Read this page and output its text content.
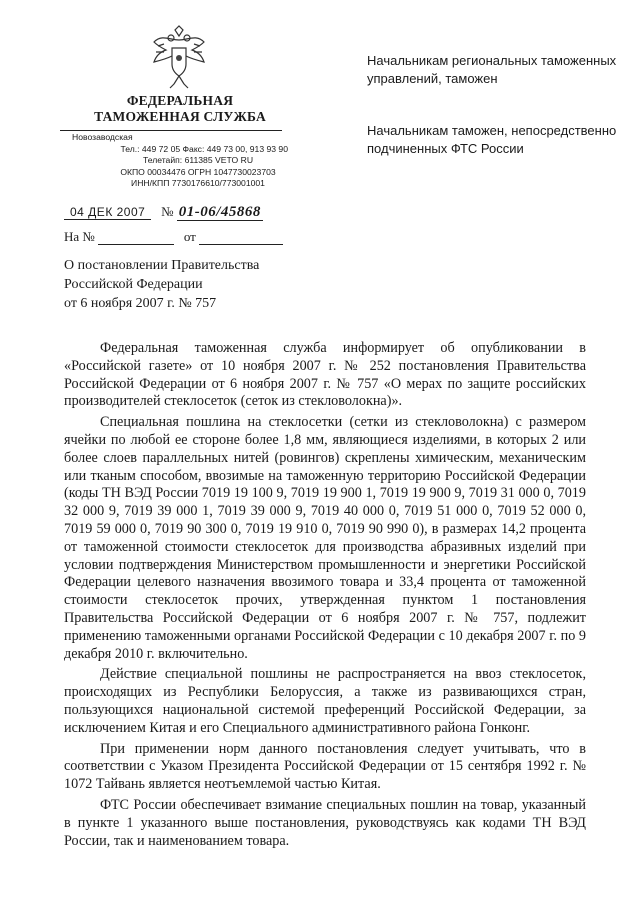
ФЕДЕРАЛЬНАЯ
ТАМОЖЕННАЯ СЛУЖБА
Новозаводская
Тел.: 449 72 05 Факс: 449 73 00, 913 93 90
Телетайп: 611385 VETO RU
ОКПО 00034476 ОГРН 1047730023703
ИНН/КПП 7730176610/773001001
04 ДЕК 2007 № 01-06/45868
На №	от
Начальникам региональных таможенных управлений, таможен
Начальникам таможен, непосредственно подчиненных ФТС России
О постановлении Правительства
Российской Федерации
от 6 ноября 2007 г. № 757

Федеральная таможенная служба информирует об опубликовании в «Российской газете» от 10 ноября 2007 г. № 252 постановления Правительства Российской Федерации от 6 ноября 2007 г. № 757 «О мерах по защите российских производителей стеклосеток (сеток из стекловолокна)».

Специальная пошлина на стеклосетки (сетки из стекловолокна) с размером ячейки по любой ее стороне более 1,8 мм, являющиеся изделиями, в которых 2 или более слоев параллельных нитей (ровингов) скреплены химическим, механическим или тканым способом, ввозимые на таможенную территорию Российской Федерации (коды ТН ВЭД России 7019 19 100 9, 7019 19 900 1, 7019 19 900 9, 7019 31 000 0, 7019 32 000 9, 7019 39 000 1, 7019 39 000 9, 7019 40 000 0, 7019 51 000 0, 7019 52 000 0, 7019 59 000 0, 7019 90 300 0, 7019 19 910 0, 7019 90 990 0), в размерах 14,2 процента от таможенной стоимости стеклосеток для производства абразивных изделий при условии подтверждения Министерством промышленности и энергетики Российской Федерации целевого назначения ввозимого товара и 33,4 процента от таможенной стоимости стеклосеток прочих, утвержденная пунктом 1 постановления Правительства Российской Федерации от 6 ноября 2007 г. № 757, подлежит применению таможенными органами Российской Федерации с 10 декабря 2007 г. по 9 декабря 2010 г. включительно.

Действие специальной пошлины не распространяется на ввоз стеклосеток, происходящих из Республики Белоруссия, а также из развивающихся стран, пользующихся национальной системой преференций Российской Федерации, за исключением Китая и его Специального административного района Гонконг.

При применении норм данного постановления следует учитывать, что в соответствии с Указом Президента Российской Федерации от 15 сентября 1992 г. № 1072 Тайвань является неотъемлемой частью Китая.

ФТС России обеспечивает взимание специальных пошлин на товар, указанный в пункте 1 указанного выше постановления, руководствуясь как кодами ТН ВЭД России, так и наименованием товара.
